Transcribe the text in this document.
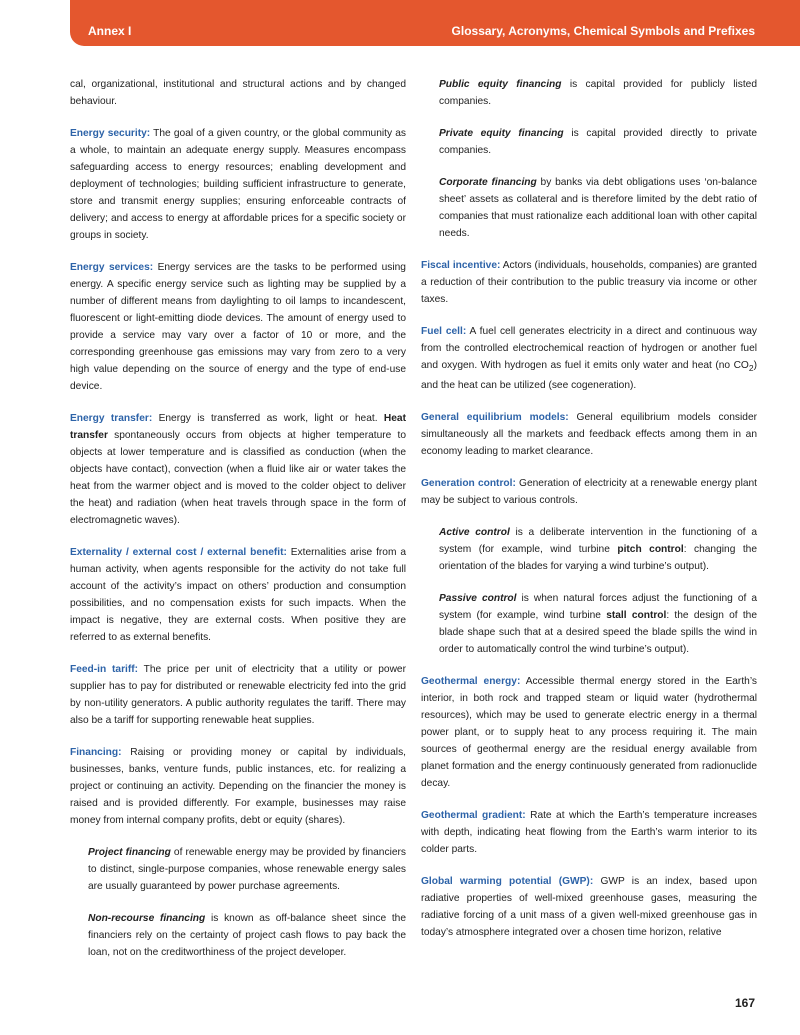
Annex I	Glossary, Acronyms, Chemical Symbols and Prefixes

cal, organizational, institutional and structural actions and by changed behaviour.

Energy security: The goal of a given country, or the global community as a whole, to maintain an adequate energy supply. Measures encompass safeguarding access to energy resources; enabling development and deployment of technologies; building sufficient infrastructure to generate, store and transmit energy supplies; ensuring enforceable contracts of delivery; and access to energy at affordable prices for a specific society or groups in society.

Energy services: Energy services are the tasks to be performed using energy. A specific energy service such as lighting may be supplied by a number of different means from daylighting to oil lamps to incandescent, fluorescent or light-emitting diode devices. The amount of energy used to provide a service may vary over a factor of 10 or more, and the corresponding greenhouse gas emissions may vary from zero to a very high value depending on the source of energy and the type of end-use device.

Energy transfer: Energy is transferred as work, light or heat. Heat transfer spontaneously occurs from objects at higher temperature to objects at lower temperature and is classified as conduction (when the objects have contact), convection (when a fluid like air or water takes the heat from the warmer object and is moved to the colder object to deliver the heat) and radiation (when heat travels through space in the form of electromagnetic waves).

Externality / external cost / external benefit: Externalities arise from a human activity, when agents responsible for the activity do not take full account of the activity’s impact on others’ production and consumption possibilities, and no compensation exists for such impacts. When the impact is negative, they are external costs. When positive they are referred to as external benefits.

Feed-in tariff: The price per unit of electricity that a utility or power supplier has to pay for distributed or renewable electricity fed into the grid by non-utility generators. A public authority regulates the tariff. There may also be a tariff for supporting renewable heat supplies.

Financing: Raising or providing money or capital by individuals, businesses, banks, venture funds, public instances, etc. for realizing a project or continuing an activity. Depending on the financier the money is raised and is provided differently. For example, businesses may raise money from internal company profits, debt or equity (shares).

Project financing of renewable energy may be provided by financiers to distinct, single-purpose companies, whose renewable energy sales are usually guaranteed by power purchase agreements.

Non-recourse financing is known as off-balance sheet since the financiers rely on the certainty of project cash flows to pay back the loan, not on the creditworthiness of the project developer.

Public equity financing is capital provided for publicly listed companies.

Private equity financing is capital provided directly to private companies.

Corporate financing by banks via debt obligations uses ‘on-balance sheet’ assets as collateral and is therefore limited by the debt ratio of companies that must rationalize each additional loan with other capital needs.

Fiscal incentive: Actors (individuals, households, companies) are granted a reduction of their contribution to the public treasury via income or other taxes.

Fuel cell: A fuel cell generates electricity in a direct and continuous way from the controlled electrochemical reaction of hydrogen or another fuel and oxygen. With hydrogen as fuel it emits only water and heat (no $CO_2$) and the heat can be utilized (see cogeneration).

General equilibrium models: General equilibrium models consider simultaneously all the markets and feedback effects among them in an economy leading to market clearance.

Generation control: Generation of electricity at a renewable energy plant may be subject to various controls.

Active control is a deliberate intervention in the functioning of a system (for example, wind turbine pitch control: changing the orientation of the blades for varying a wind turbine’s output).

Passive control is when natural forces adjust the functioning of a system (for example, wind turbine stall control: the design of the blade shape such that at a desired speed the blade spills the wind in order to automatically control the wind turbine’s output).

Geothermal energy: Accessible thermal energy stored in the Earth’s interior, in both rock and trapped steam or liquid water (hydrothermal resources), which may be used to generate electric energy in a thermal power plant, or to supply heat to any process requiring it. The main sources of geothermal energy are the residual energy available from planet formation and the energy continuously generated from radionuclide decay.

Geothermal gradient: Rate at which the Earth’s temperature increases with depth, indicating heat flowing from the Earth’s warm interior to its colder parts.

Global warming potential (GWP): GWP is an index, based upon radiative properties of well-mixed greenhouse gases, measuring the radiative forcing of a unit mass of a given well-mixed greenhouse gas in today’s atmosphere integrated over a chosen time horizon, relative

167
